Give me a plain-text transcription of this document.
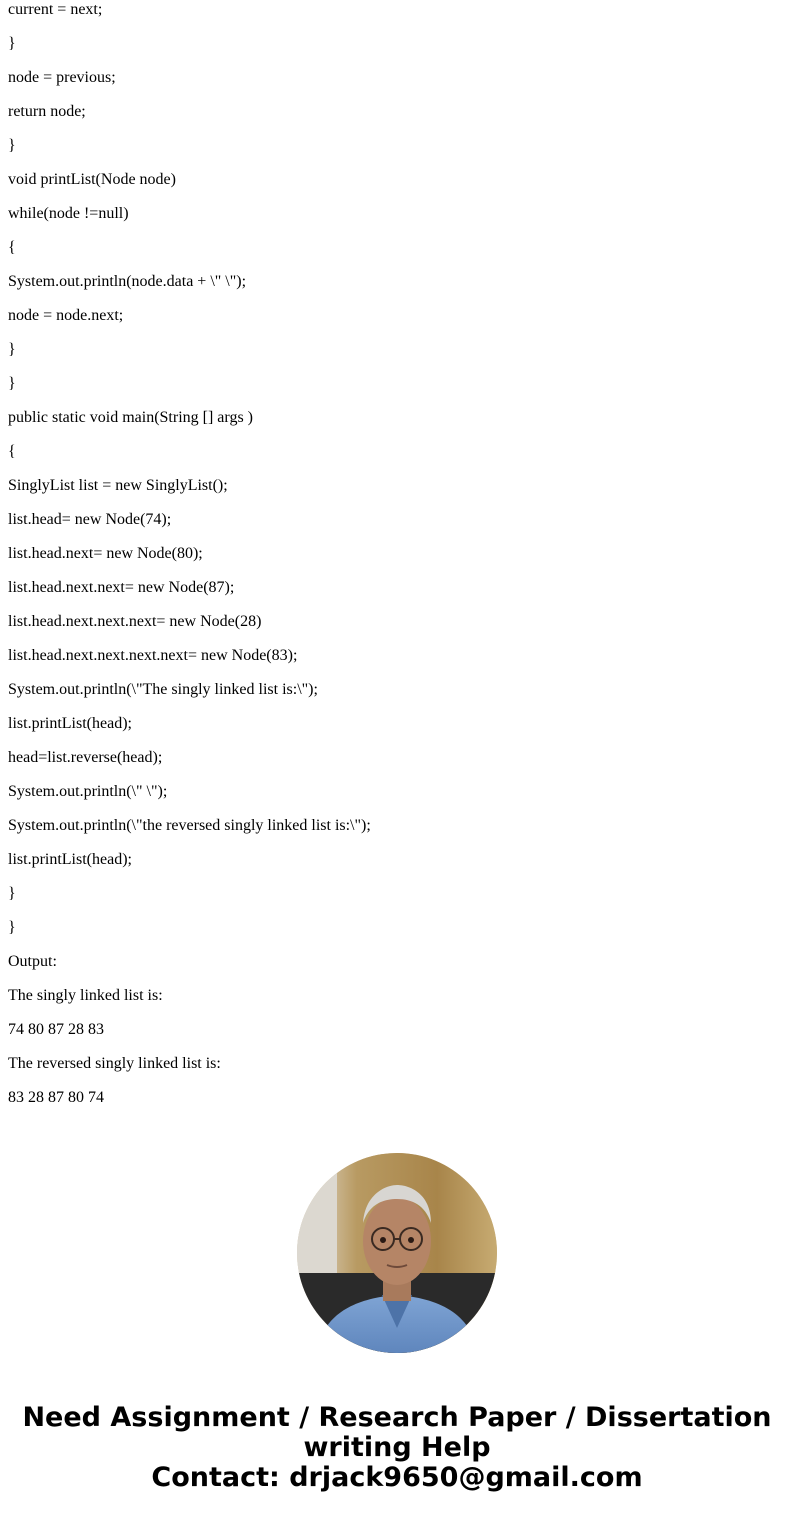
current = next;
}
node = previous;
return node;
}
void printList(Node node)
while(node !=null)
{
System.out.println(node.data + \" \");
node = node.next;
}
}
public static void main(String [] args )
{
SinglyList list = new SinglyList();
list.head= new Node(74);
list.head.next= new Node(80);
list.head.next.next= new Node(87);
list.head.next.next.next= new Node(28)
list.head.next.next.next.next= new Node(83);
System.out.println(\"The singly linked list is:\");
list.printList(head);
head=list.reverse(head);
System.out.println(\" \");
System.out.println(\"the reversed singly linked list is:\");
list.printList(head);
}
}
Output:
The singly linked list is:
74 80 87 28 83
The reversed singly linked list is:
83 28 87 80 74
Need Assignment / Research Paper / Dissertation
writing Help
Contact: drjack9650@gmail.com
